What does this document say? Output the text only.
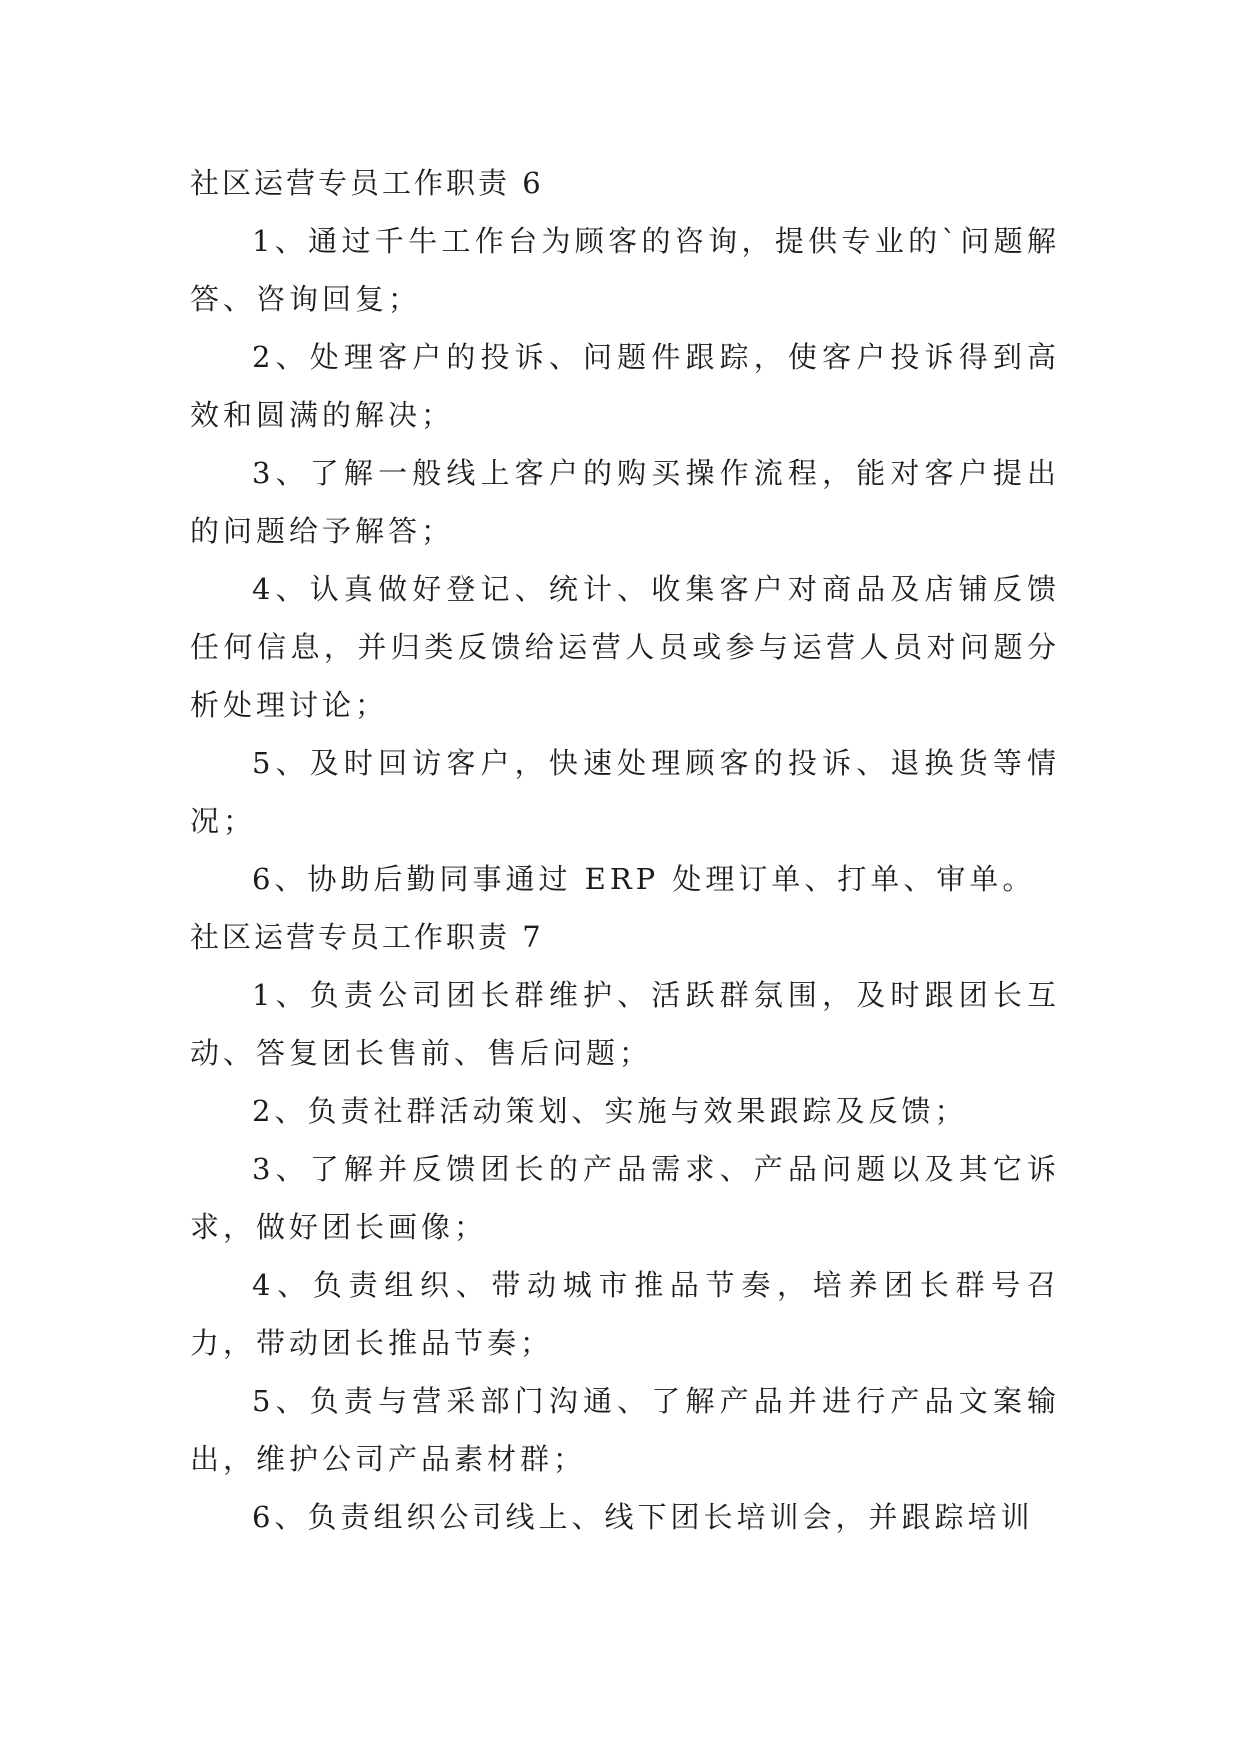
社区运营专员工作职责 6

1、通过千牛工作台为顾客的咨询，提供专业的`问题解答、咨询回复；

2、处理客户的投诉、问题件跟踪，使客户投诉得到高效和圆满的解决；

3、了解一般线上客户的购买操作流程，能对客户提出的问题给予解答；

4、认真做好登记、统计、收集客户对商品及店铺反馈任何信息，并归类反馈给运营人员或参与运营人员对问题分析处理讨论；

5、及时回访客户，快速处理顾客的投诉、退换货等情况；

6、协助后勤同事通过 ERP 处理订单、打单、审单。

社区运营专员工作职责 7

1、负责公司团长群维护、活跃群氛围，及时跟团长互动、答复团长售前、售后问题；

2、负责社群活动策划、实施与效果跟踪及反馈；

3、了解并反馈团长的产品需求、产品问题以及其它诉求，做好团长画像；

4、负责组织、带动城市推品节奏，培养团长群号召力，带动团长推品节奏；

5、负责与营采部门沟通、了解产品并进行产品文案输出，维护公司产品素材群；

6、负责组织公司线上、线下团长培训会，并跟踪培训
